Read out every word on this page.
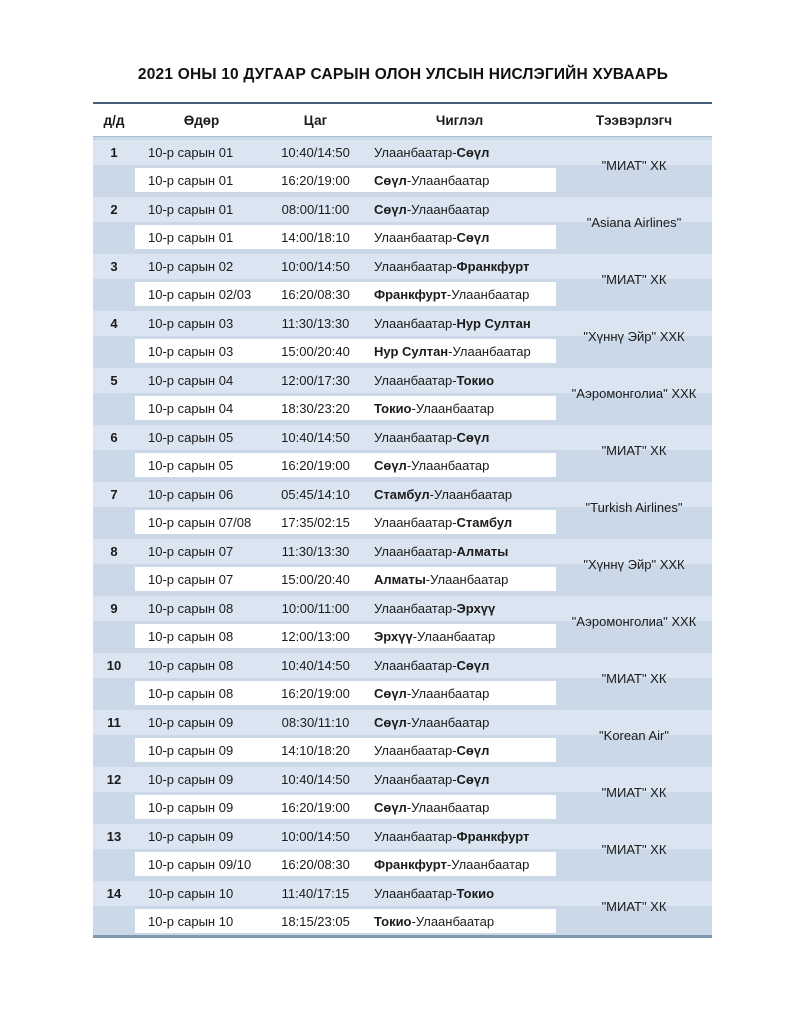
2021 ОНЫ 10 ДУГААР САРЫН ОЛОН УЛСЫН НИСЛЭГИЙН ХУВААРЬ
д/д	Өдөр	Цаг	Чиглэл	Тээвэрлэгч
1	10-р сарын 01	10:40/14:50	Улаанбаатар-Сөүл
10-р сарын 01	16:20/19:00	Сөүл-Улаанбаатар
"МИАТ" ХК
2	10-р сарын 01	08:00/11:00	Сөүл-Улаанбаатар
10-р сарын 01	14:00/18:10	Улаанбаатар-Сөүл
"Asiana Airlines"
3	10-р сарын 02	10:00/14:50	Улаанбаатар-Франкфурт
10-р сарын 02/03	16:20/08:30	Франкфурт-Улаанбаатар
"МИАТ" ХК
4	10-р сарын 03	11:30/13:30	Улаанбаатар-Нур Султан
10-р сарын 03	15:00/20:40	Нур Султан-Улаанбаатар
"Хүннү Эйр" ХХК
5	10-р сарын 04	12:00/17:30	Улаанбаатар-Токио
10-р сарын 04	18:30/23:20	Токио-Улаанбаатар
"Аэромонголиа" ХХК
6	10-р сарын 05	10:40/14:50	Улаанбаатар-Сөүл
10-р сарын 05	16:20/19:00	Сөүл-Улаанбаатар
"МИАТ" ХК
7	10-р сарын 06	05:45/14:10	Стамбул-Улаанбаатар
10-р сарын 07/08	17:35/02:15	Улаанбаатар-Стамбул
"Turkish Airlines"
8	10-р сарын 07	11:30/13:30	Улаанбаатар-Алматы
10-р сарын 07	15:00/20:40	Алматы-Улаанбаатар
"Хүннү Эйр" ХХК
9	10-р сарын 08	10:00/11:00	Улаанбаатар-Эрхүү
10-р сарын 08	12:00/13:00	Эрхүү-Улаанбаатар
"Аэромонголиа" ХХК
10	10-р сарын 08	10:40/14:50	Улаанбаатар-Сөүл
10-р сарын 08	16:20/19:00	Сөүл-Улаанбаатар
"МИАТ" ХК
11	10-р сарын 09	08:30/11:10	Сөүл-Улаанбаатар
10-р сарын 09	14:10/18:20	Улаанбаатар-Сөүл
"Korean Air"
12	10-р сарын 09	10:40/14:50	Улаанбаатар-Сөүл
10-р сарын 09	16:20/19:00	Сөүл-Улаанбаатар
"МИАТ" ХК
13	10-р сарын 09	10:00/14:50	Улаанбаатар-Франкфурт
10-р сарын 09/10	16:20/08:30	Франкфурт-Улаанбаатар
"МИАТ" ХК
14	10-р сарын 10	11:40/17:15	Улаанбаатар-Токио
10-р сарын 10	18:15/23:05	Токио-Улаанбаатар
"МИАТ" ХК
